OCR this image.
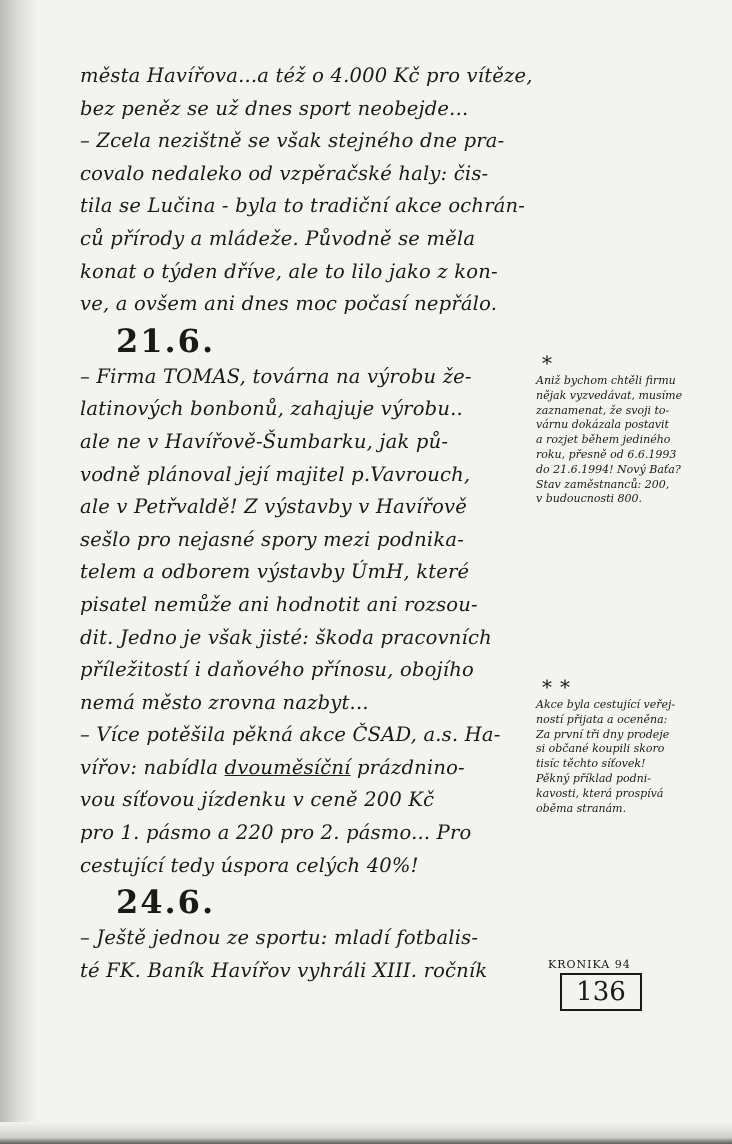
města Havířova...a též o 4.000 Kč pro vítěze,
bez peněz se už dnes sport neobejde...
– Zcela nezištně se však stejného dne pra-
covalo nedaleko od vzpěračské haly: čis-
tila se Lučina - byla to tradiční akce ochrán-
ců přírody a mládeže. Původně se měla
konat o týden dříve, ale to lilo jako z kon-
ve, a ovšem ani dnes moc počasí nepřálo.
21.6.
– Firma TOMAS, továrna na výrobu že-
latinových bonbonů, zahajuje výrobu..
ale ne v Havířově-Šumbarku, jak pů-
vodně plánoval její majitel p.Vavrouch,
ale v Petřvaldě! Z výstavby v Havířově
sešlo pro nejasné spory mezi podnika-
telem a odborem výstavby ÚmH, které
pisatel nemůže ani hodnotit ani rozsou-
dit. Jedno je však jisté: škoda pracovních
příležitostí i daňového přínosu, obojího
nemá město zrovna nazbyt...
– Více potěšila pěkná akce ČSAD, a.s. Ha-
vířov: nabídla dvouměsíční prázdnino-
vou síťovou jízdenku v ceně 200 Kč
pro 1. pásmo a 220 pro 2. pásmo... Pro
cestující tedy úspora celých 40%!
24.6.
– Ještě jednou ze sportu: mladí fotbalis-
té FK. Baník Havířov vyhráli XIII. ročník
*
Aniž bychom chtěli firmu
nějak vyzvedávat, musíme
zaznamenat, že svoji to-
várnu dokázala postavit
a rozjet během jediného
roku, přesně od 6.6.1993
do 21.6.1994! Nový Baťa?
Stav zaměstnanců: 200,
v budoucnosti 800.
**
Akce byla cestující veřej-
ností přijata a oceněna:
Za první tři dny prodeje
si občané koupili skoro
tisíc těchto síťovek!
Pěkný příklad podni-
kavosti, která prospívá
oběma stranám.
KRONIKA 94
136
